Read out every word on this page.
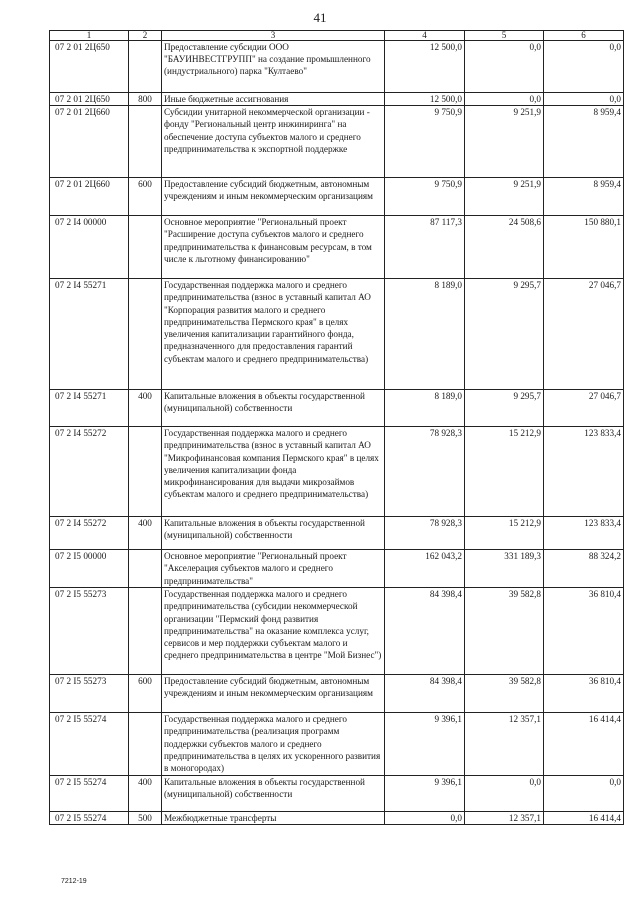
41
1	2	3	4	5	6
07 2 01 2Ц650		Предоставление субсидии ООО "БАУИНВЕСТГРУПП" на создание промышленного (индустриального) парка "Култаево"	12 500,0	0,0	0,0
07 2 01 2Ц650	800	Иные бюджетные ассигнования	12 500,0	0,0	0,0
07 2 01 2Ц660		Субсидии унитарной некоммерческой организации - фонду "Региональный центр инжиниринга" на обеспечение доступа субъектов малого и среднего предпринимательства к экспортной поддержке	9 750,9	9 251,9	8 959,4
07 2 01 2Ц660	600	Предоставление субсидий бюджетным, автономным учреждениям и иным некоммерческим организациям	9 750,9	9 251,9	8 959,4
07 2 I4 00000		Основное мероприятие "Региональный проект "Расширение доступа субъектов малого и среднего предпринимательства к финансовым ресурсам, в том числе к льготному финансированию"	87 117,3	24 508,6	150 880,1
07 2 I4 55271		Государственная поддержка малого и среднего предпринимательства (взнос в уставный капитал АО "Корпорация развития малого и среднего предпринимательства Пермского края" в целях увеличения капитализации гарантийного фонда, предназначенного для предоставления гарантий субъектам малого и среднего предпринимательства)	8 189,0	9 295,7	27 046,7
07 2 I4 55271	400	Капитальные вложения в объекты государственной (муниципальной) собственности	8 189,0	9 295,7	27 046,7
07 2 I4 55272		Государственная поддержка малого и среднего предпринимательства (взнос в уставный капитал АО "Микрофинансовая компания Пермского края" в целях увеличения капитализации фонда микрофинансирования для выдачи микрозаймов субъектам малого и среднего предпринимательства)	78 928,3	15 212,9	123 833,4
07 2 I4 55272	400	Капитальные вложения в объекты государственной (муниципальной) собственности	78 928,3	15 212,9	123 833,4
07 2 I5 00000		Основное мероприятие "Региональный проект "Акселерация субъектов малого и среднего предпринимательства"	162 043,2	331 189,3	88 324,2
07 2 I5 55273		Государственная поддержка малого и среднего предпринимательства (субсидии некоммерческой организации "Пермский фонд развития предпринимательства" на оказание комплекса услуг, сервисов и мер поддержки субъектам малого и среднего предпринимательства в центре "Мой Бизнес")	84 398,4	39 582,8	36 810,4
07 2 I5 55273	600	Предоставление субсидий бюджетным, автономным учреждениям и иным некоммерческим организациям	84 398,4	39 582,8	36 810,4
07 2 I5 55274		Государственная поддержка малого и среднего предпринимательства (реализация программ поддержки субъектов малого и среднего предпринимательства в целях их ускоренного развития в моногородах)	9 396,1	12 357,1	16 414,4
07 2 I5 55274	400	Капитальные вложения в объекты государственной (муниципальной) собственности	9 396,1	0,0	0,0
07 2 I5 55274	500	Межбюджетные трансферты	0,0	12 357,1	16 414,4
7212-19
